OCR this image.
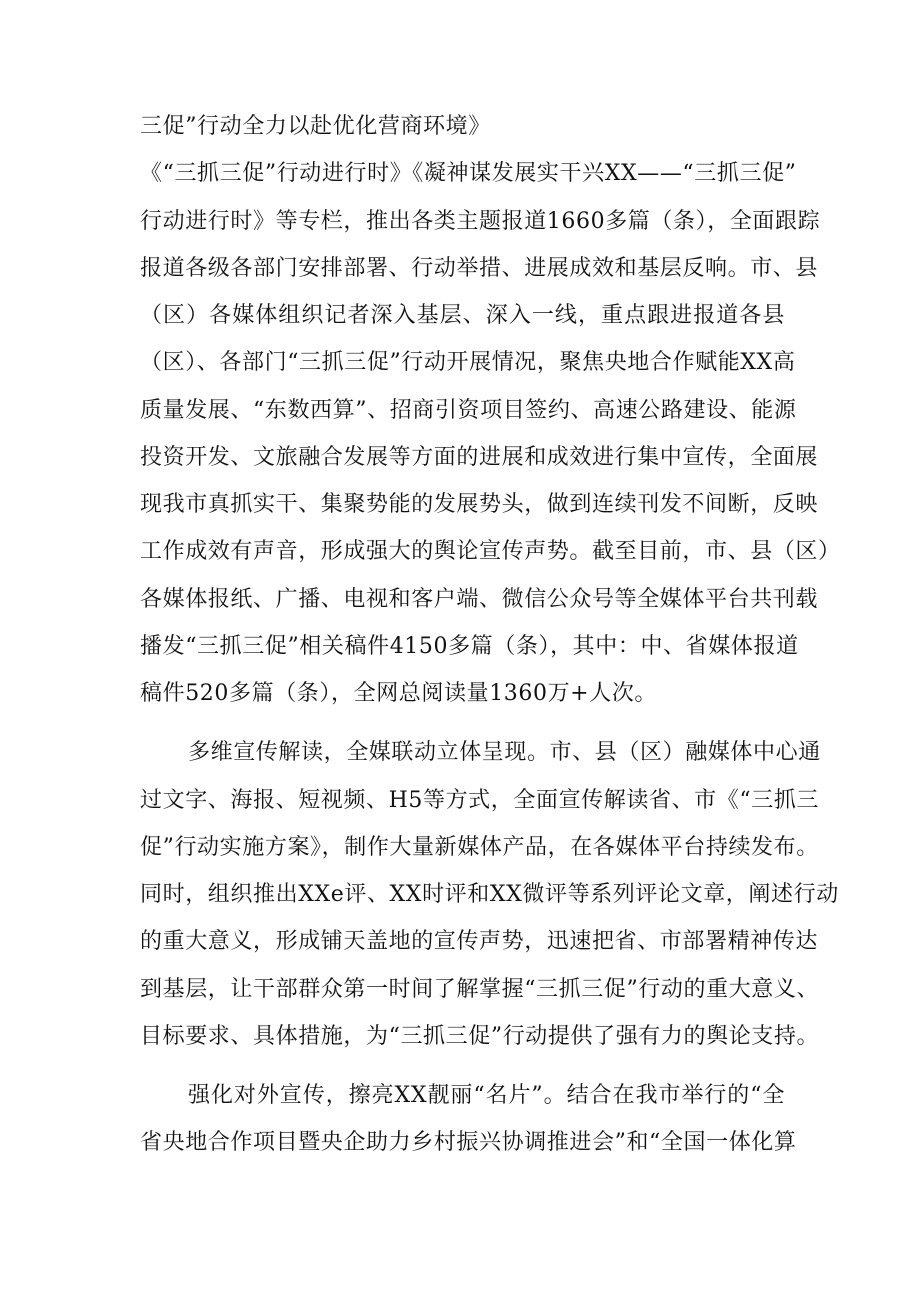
三促”行动全力以赴优化营商环境》
《“三抓三促”行动进行时》《凝神谋发展实干兴XX——“三抓三促”
行动进行时》等专栏，推出各类主题报道1660多篇（条），全面跟踪
报道各级各部门安排部署、行动举措、进展成效和基层反响。市、县
（区）各媒体组织记者深入基层、深入一线，重点跟进报道各县
（区）、各部门“三抓三促”行动开展情况，聚焦央地合作赋能XX高
质量发展、“东数西算”、招商引资项目签约、高速公路建设、能源
投资开发、文旅融合发展等方面的进展和成效进行集中宣传，全面展
现我市真抓实干、集聚势能的发展势头，做到连续刊发不间断，反映
工作成效有声音，形成强大的舆论宣传声势。截至目前，市、县（区）
各媒体报纸、广播、电视和客户端、微信公众号等全媒体平台共刊载
播发“三抓三促”相关稿件4150多篇（条），其中：中、省媒体报道
稿件520多篇（条），全网总阅读量1360万+人次。
多维宣传解读，全媒联动立体呈现。市、县（区）融媒体中心通
过文字、海报、短视频、H5等方式，全面宣传解读省、市《“三抓三
促”行动实施方案》，制作大量新媒体产品，在各媒体平台持续发布。
同时，组织推出XXe评、XX时评和XX微评等系列评论文章，阐述行动
的重大意义，形成铺天盖地的宣传声势，迅速把省、市部署精神传达
到基层，让干部群众第一时间了解掌握“三抓三促”行动的重大意义、
目标要求、具体措施，为“三抓三促”行动提供了强有力的舆论支持。
强化对外宣传，擦亮XX靓丽“名片”。结合在我市举行的“全
省央地合作项目暨央企助力乡村振兴协调推进会”和“全国一体化算
